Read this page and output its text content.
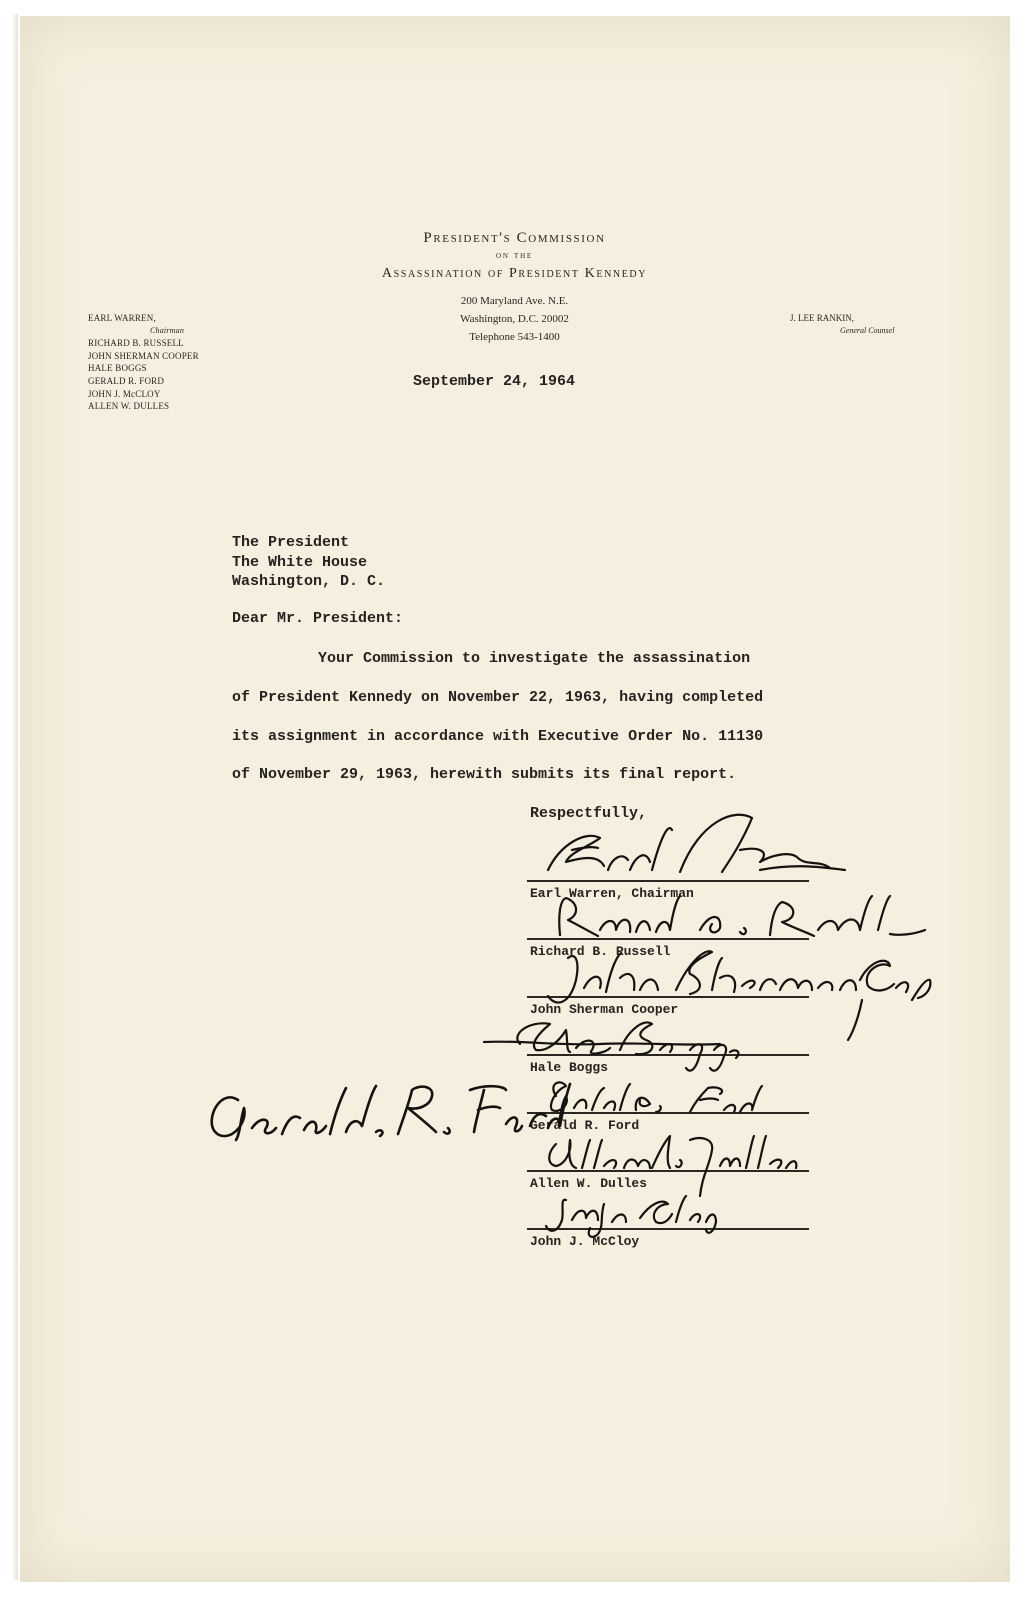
President's Commission
on the
Assassination of President Kennedy
200 Maryland Ave. N.E.
Washington, D.C. 20002
Telephone 543-1400
EARL WARREN,
Chairman
RICHARD B. RUSSELL
JOHN SHERMAN COOPER
HALE BOGGS
GERALD R. FORD
JOHN J. McCLOY
ALLEN W. DULLES
J. LEE RANKIN,
General Counsel
September 24, 1964
The President
The White House
Washington, D. C.
Dear Mr. President:
Your Commission to investigate the assassination
of President Kennedy on November 22, 1963, having completed
its assignment in accordance with Executive Order No. 11130
of November 29, 1963, herewith submits its final report.
Respectfully,
Earl Warren, Chairman
Richard B. Russell
John Sherman Cooper
Hale Boggs
Gerald R. Ford
Allen W. Dulles
John J. McCloy
